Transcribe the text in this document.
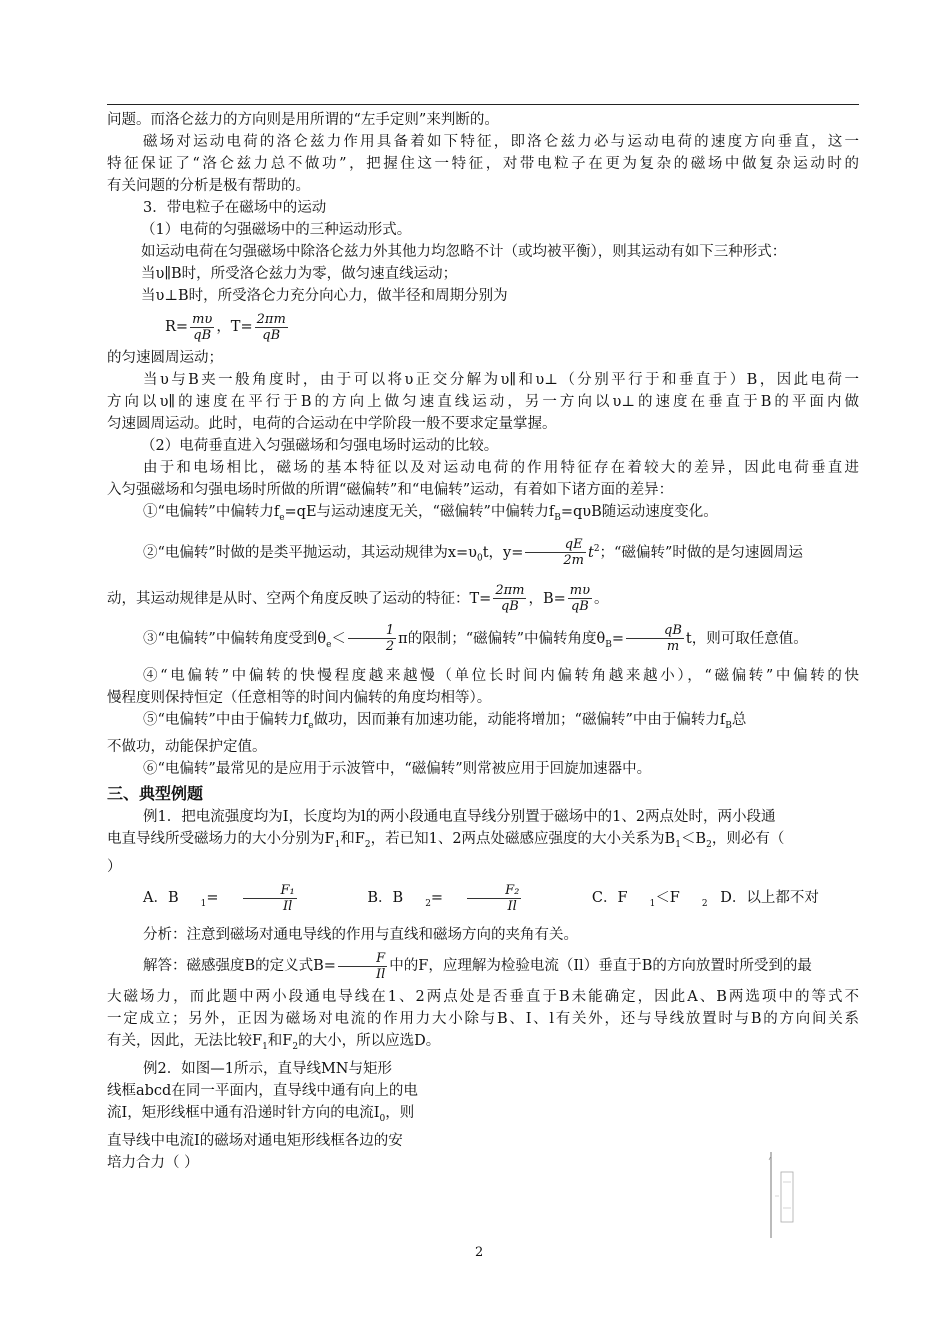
问题。而洛仑兹力的方向则是用所谓的“左手定则”来判断的。

磁场对运动电荷的洛仑兹力作用具备着如下特征，即洛仑兹力必与运动电荷的速度方向垂直，这一

特征保证了“洛仑兹力总不做功”，把握住这一特征，对带电粒子在更为复杂的磁场中做复杂运动时的

有关问题的分析是极有帮助的。

3．带电粒子在磁场中的运动

（1）电荷的匀强磁场中的三种运动形式。

如运动电荷在匀强磁场中除洛仑兹力外其他力均忽略不计（或均被平衡），则其运动有如下三种形式：

当υ∥B时，所受洛仑兹力为零，做匀速直线运动；

当υ⊥B时，所受洛仑力充分向心力，做半径和周期分别为

$R= \frac{m\upsilon}{qB}$ ，$T= \frac{2\pi m}{qB}$

的匀速圆周运动；

当υ与B夹一般角度时，由于可以将υ正交分解为υ∥和υ⊥（分别平行于和垂直于）B，因此电荷一

方向以υ∥的速度在平行于B的方向上做匀速直线运动，另一方向以υ⊥的速度在垂直于B的平面内做

匀速圆周运动。此时，电荷的合运动在中学阶段一般不要求定量掌握。

（2）电荷垂直进入匀强磁场和匀强电场时运动的比较。

由于和电场相比，磁场的基本特征以及对运动电荷的作用特征存在着较大的差异，因此电荷垂直进

入匀强磁场和匀强电场时所做的所谓“磁偏转”和“电偏转”运动，有着如下诸方面的差异：

①“电偏转”中偏转力$f_e=qE$与运动速度无关，“磁偏转”中偏转力$f_B=q\upsilon B$随运动速度变化。

②“电偏转”时做的是类平抛运动，其运动规律为$x=\upsilon_0t$，$y= \frac{qE}{2m} t^2$；“磁偏转”时做的是匀速圆周运

动，其运动规律是从时、空两个角度反映了运动的特征：$T= \frac{2\pi m}{qB}$ ，$B= \frac{m\upsilon}{qB}$ 。

③“电偏转”中偏转角度受到$\theta_e< \frac{1}{2}$ π的限制；“磁偏转”中偏转角度$\theta_B= \frac{qB}{m}$ t，则可取任意值。

④“电偏转”中偏转的快慢程度越来越慢（单位长时间内偏转角越来越小），“磁偏转”中偏转的快

慢程度则保持恒定（任意相等的时间内偏转的角度均相等）。

⑤“电偏转”中由于偏转力$f_e$做功，因而兼有加速功能，动能将增加；“磁偏转”中由于偏转力$f_B$总

不做功，动能保护定值。

⑥“电偏转”最常见的是应用于示波管中，“磁偏转”则常被应用于回旋加速器中。

三、典型例题

例1．把电流强度均为I，长度均为l的两小段通电直导线分别置于磁场中的1、2两点处时，两小段通

电直导线所受磁场力的大小分别为$F_1$和$F_2$，若已知1、2两点处磁感应强度的大小关系为$B_1<B_2$，则必有（

）

A．B $_1= \frac{\text{F₁}}{Il}$	B．B $_2= \frac{\text{F₂}}{Il}$	C．F $_1$＜F $_2$ D．以上都不对

分析：注意到磁场对通电导线的作用与直线和磁场方向的夹角有关。

解答：磁感强度B的定义式$B= \frac{F}{Il}$ 中的F，应理解为检验电流（Il）垂直于B的方向放置时所受到的最

大磁场力，而此题中两小段通电导线在1、2两点处是否垂直于B未能确定，因此A、B两选项中的等式不

一定成立；另外，正因为磁场对电流的作用力大小除与B、I、l有关外，还与导线放置时与B的方向间关系

有关，因此，无法比较$F_1$和$F_2$的大小，所以应选D。

例2．如图—1所示，直导线MN与矩形

线框abcd在同一平面内，直导线中通有向上的电

流I，矩形线框中通有沿递时针方向的电流$I_0$，则

直导线中电流I的磁场对通电矩形线框各边的安

培力合力（ ）

2
